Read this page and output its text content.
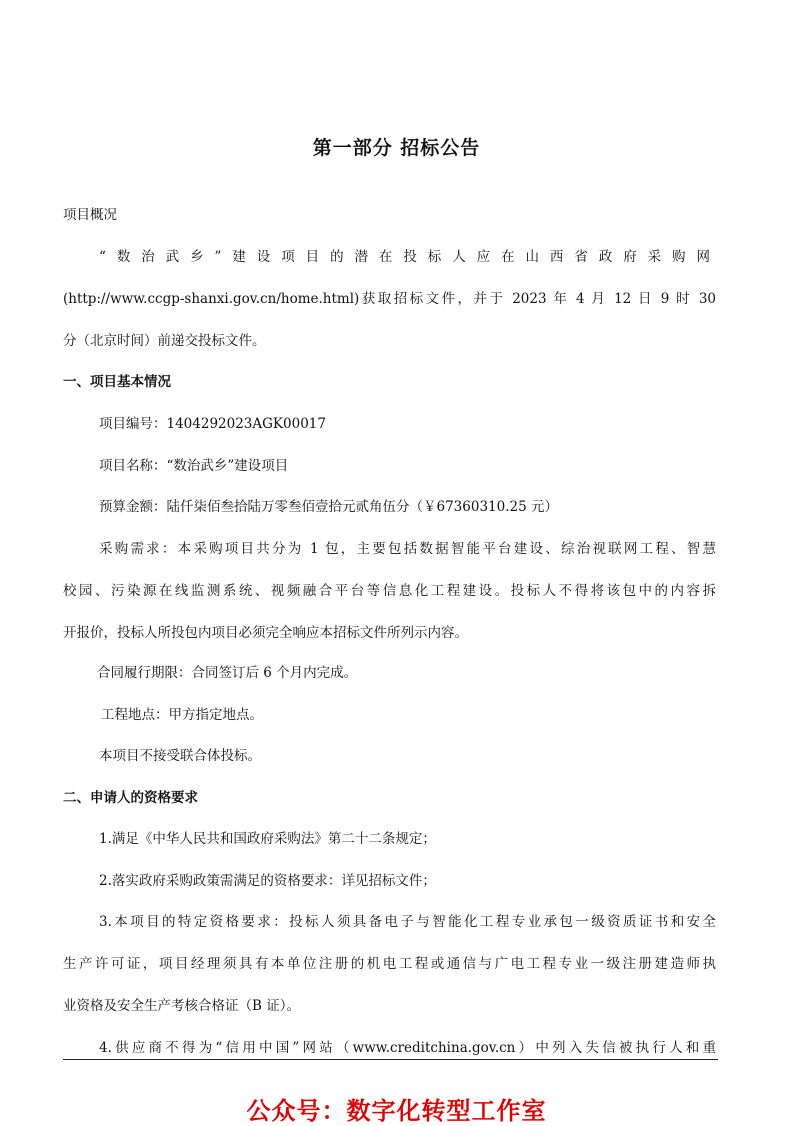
第一部分 招标公告
项目概况
“数治武乡”建设项目的潜在投标人应在山西省政府采购网
(http://www.ccgp-shanxi.gov.cn/home.html)获取招标文件，并于 2023 年 4 月 12 日 9 时 30
分（北京时间）前递交投标文件。
一、项目基本情况
项目编号：1404292023AGK00017
项目名称：“数治武乡”建设项目
预算金额：陆仟柒佰叁拾陆万零叁佰壹拾元贰角伍分（￥67360310.25 元）
采购需求：本采购项目共分为 1 包，主要包括数据智能平台建设、综治视联网工程、智慧
校园、污染源在线监测系统、视频融合平台等信息化工程建设。投标人不得将该包中的内容拆
开报价，投标人所投包内项目必须完全响应本招标文件所列示内容。
合同履行期限：合同签订后 6 个月内完成。
工程地点：甲方指定地点。
本项目不接受联合体投标。
二、申请人的资格要求
1.满足《中华人民共和国政府采购法》第二十二条规定；
2.落实政府采购政策需满足的资格要求：详见招标文件；
3.本项目的特定资格要求：投标人须具备电子与智能化工程专业承包一级资质证书和安全
生产许可证，项目经理须具有本单位注册的机电工程或通信与广电工程专业一级注册建造师执
业资格及安全生产考核合格证（B 证）。
4.供应商不得为“信用中国”网站（www.creditchina.gov.cn）中列入失信被执行人和重
公众号：数字化转型工作室
